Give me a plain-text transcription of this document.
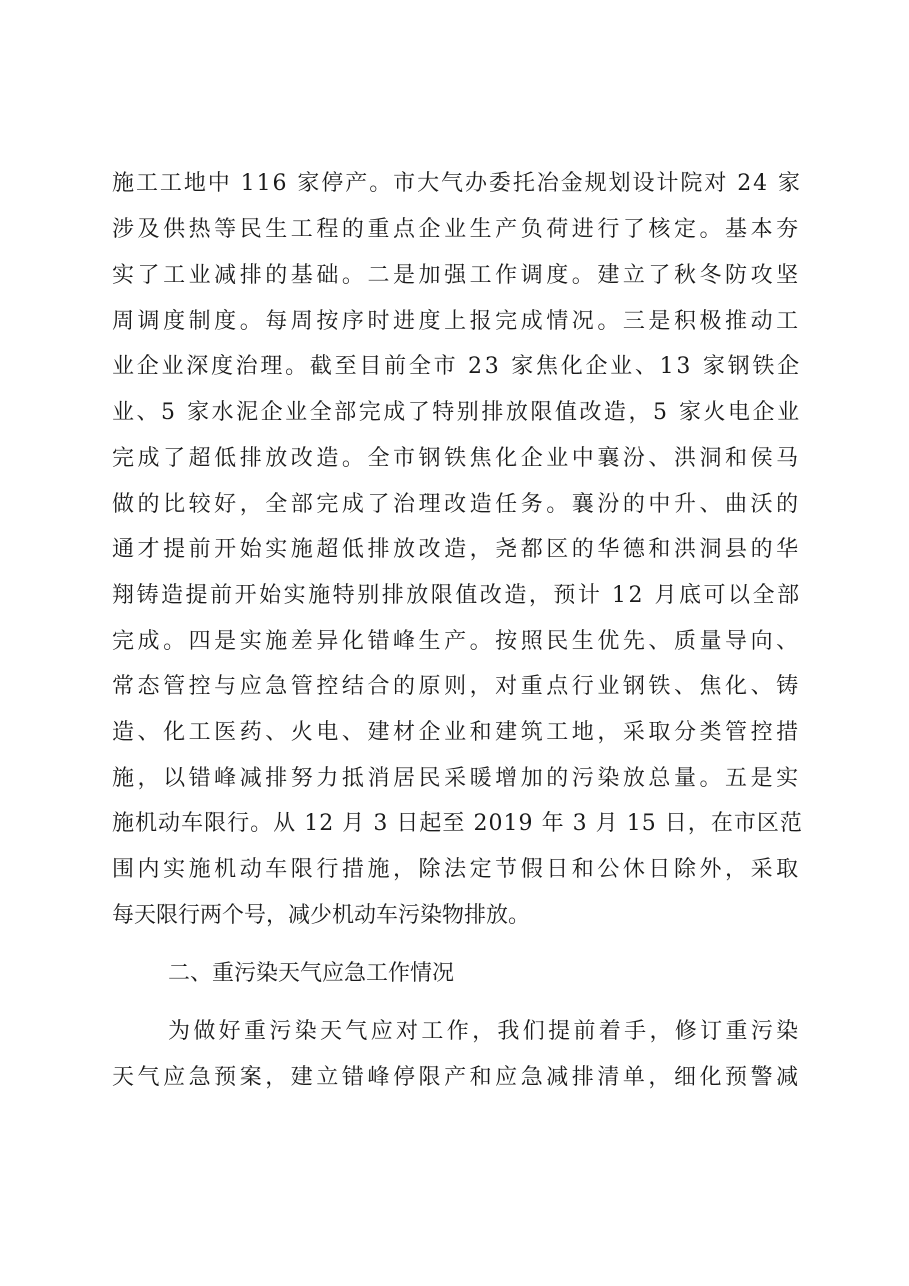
施工工地中 116 家停产。市大气办委托冶金规划设计院对 24 家
涉及供热等民生工程的重点企业生产负荷进行了核定。基本夯
实了工业减排的基础。二是加强工作调度。建立了秋冬防攻坚
周调度制度。每周按序时进度上报完成情况。三是积极推动工
业企业深度治理。截至目前全市 23 家焦化企业、13 家钢铁企
业、5 家水泥企业全部完成了特别排放限值改造，5 家火电企业
完成了超低排放改造。全市钢铁焦化企业中襄汾、洪洞和侯马
做的比较好，全部完成了治理改造任务。襄汾的中升、曲沃的
通才提前开始实施超低排放改造，尧都区的华德和洪洞县的华
翔铸造提前开始实施特别排放限值改造，预计 12 月底可以全部
完成。四是实施差异化错峰生产。按照民生优先、质量导向、
常态管控与应急管控结合的原则，对重点行业钢铁、焦化、铸
造、化工医药、火电、建材企业和建筑工地，采取分类管控措
施，以错峰减排努力抵消居民采暖增加的污染放总量。五是实
施机动车限行。从 12 月 3 日起至 2019 年 3 月 15 日，在市区范
围内实施机动车限行措施，除法定节假日和公休日除外，采取
每天限行两个号，减少机动车污染物排放。
二、重污染天气应急工作情况
为做好重污染天气应对工作，我们提前着手，修订重污染
天气应急预案，建立错峰停限产和应急减排清单，细化预警减
